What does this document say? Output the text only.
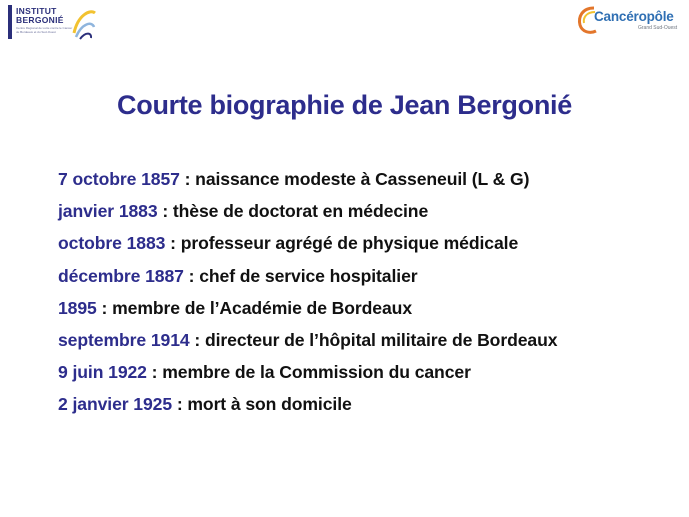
INSTITUT
BERGONIÉ
Centre Régional de Lutte contre le Cancer de Bordeaux et du Sud-Ouest
Cancéropôle
Grand Sud-Ouest
Courte biographie de Jean Bergonié
7 octobre 1857 : naissance modeste à Casseneuil (L & G)
janvier 1883 : thèse de doctorat en médecine
octobre 1883 : professeur agrégé de physique médicale
décembre 1887 : chef de service hospitalier
1895 : membre de l’Académie de Bordeaux
septembre 1914 : directeur de l’hôpital militaire de Bordeaux
9 juin 1922 : membre de la Commission du cancer
2 janvier 1925 : mort à son domicile
